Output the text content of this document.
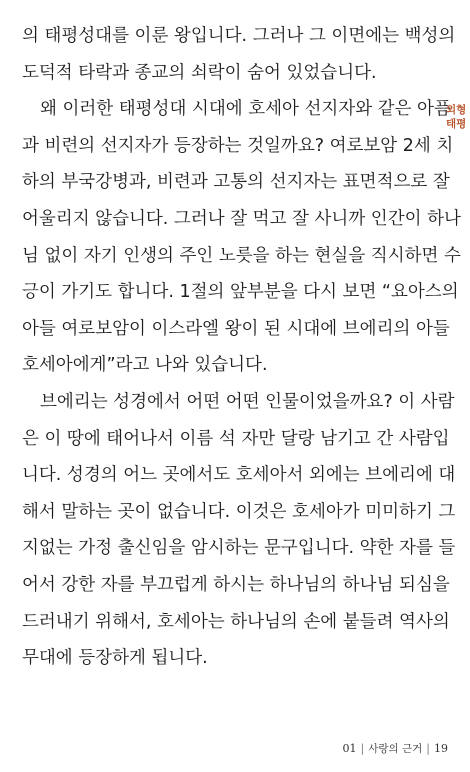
의 태평성대를 이룬 왕입니다. 그러나 그 이면에는 백성의
도덕적 타락과 종교의 쇠락이 숨어 있었습니다.
왜 이러한 태평성대 시대에 호세아 선지자와 같은 아픔
과 비련의 선지자가 등장하는 것일까요? 여로보암 2세 치
하의 부국강병과, 비련과 고통의 선지자는 표면적으로 잘
어울리지 않습니다. 그러나 잘 먹고 잘 사니까 인간이 하나
님 없이 자기 인생의 주인 노릇을 하는 현실을 직시하면 수
긍이 가기도 합니다. 1절의 앞부분을 다시 보면 “요아스의
아들 여로보암이 이스라엘 왕이 된 시대에 브에리의 아들
호세아에게”라고 나와 있습니다.
브에리는 성경에서 어떤 어떤 인물이었을까요? 이 사람
은 이 땅에 태어나서 이름 석 자만 달랑 남기고 간 사람입
니다. 성경의 어느 곳에서도 호세아서 외에는 브에리에 대
해서 말하는 곳이 없습니다. 이것은 호세아가 미미하기 그
지없는 가정 출신임을 암시하는 문구입니다. 약한 자를 들
어서 강한 자를 부끄럽게 하시는 하나님의 하나님 되심을
드러내기 위해서, 호세아는 하나님의 손에 붙들려 역사의
무대에 등장하게 됩니다.
외형
태평
01 | 사랑의 근거 | 19
